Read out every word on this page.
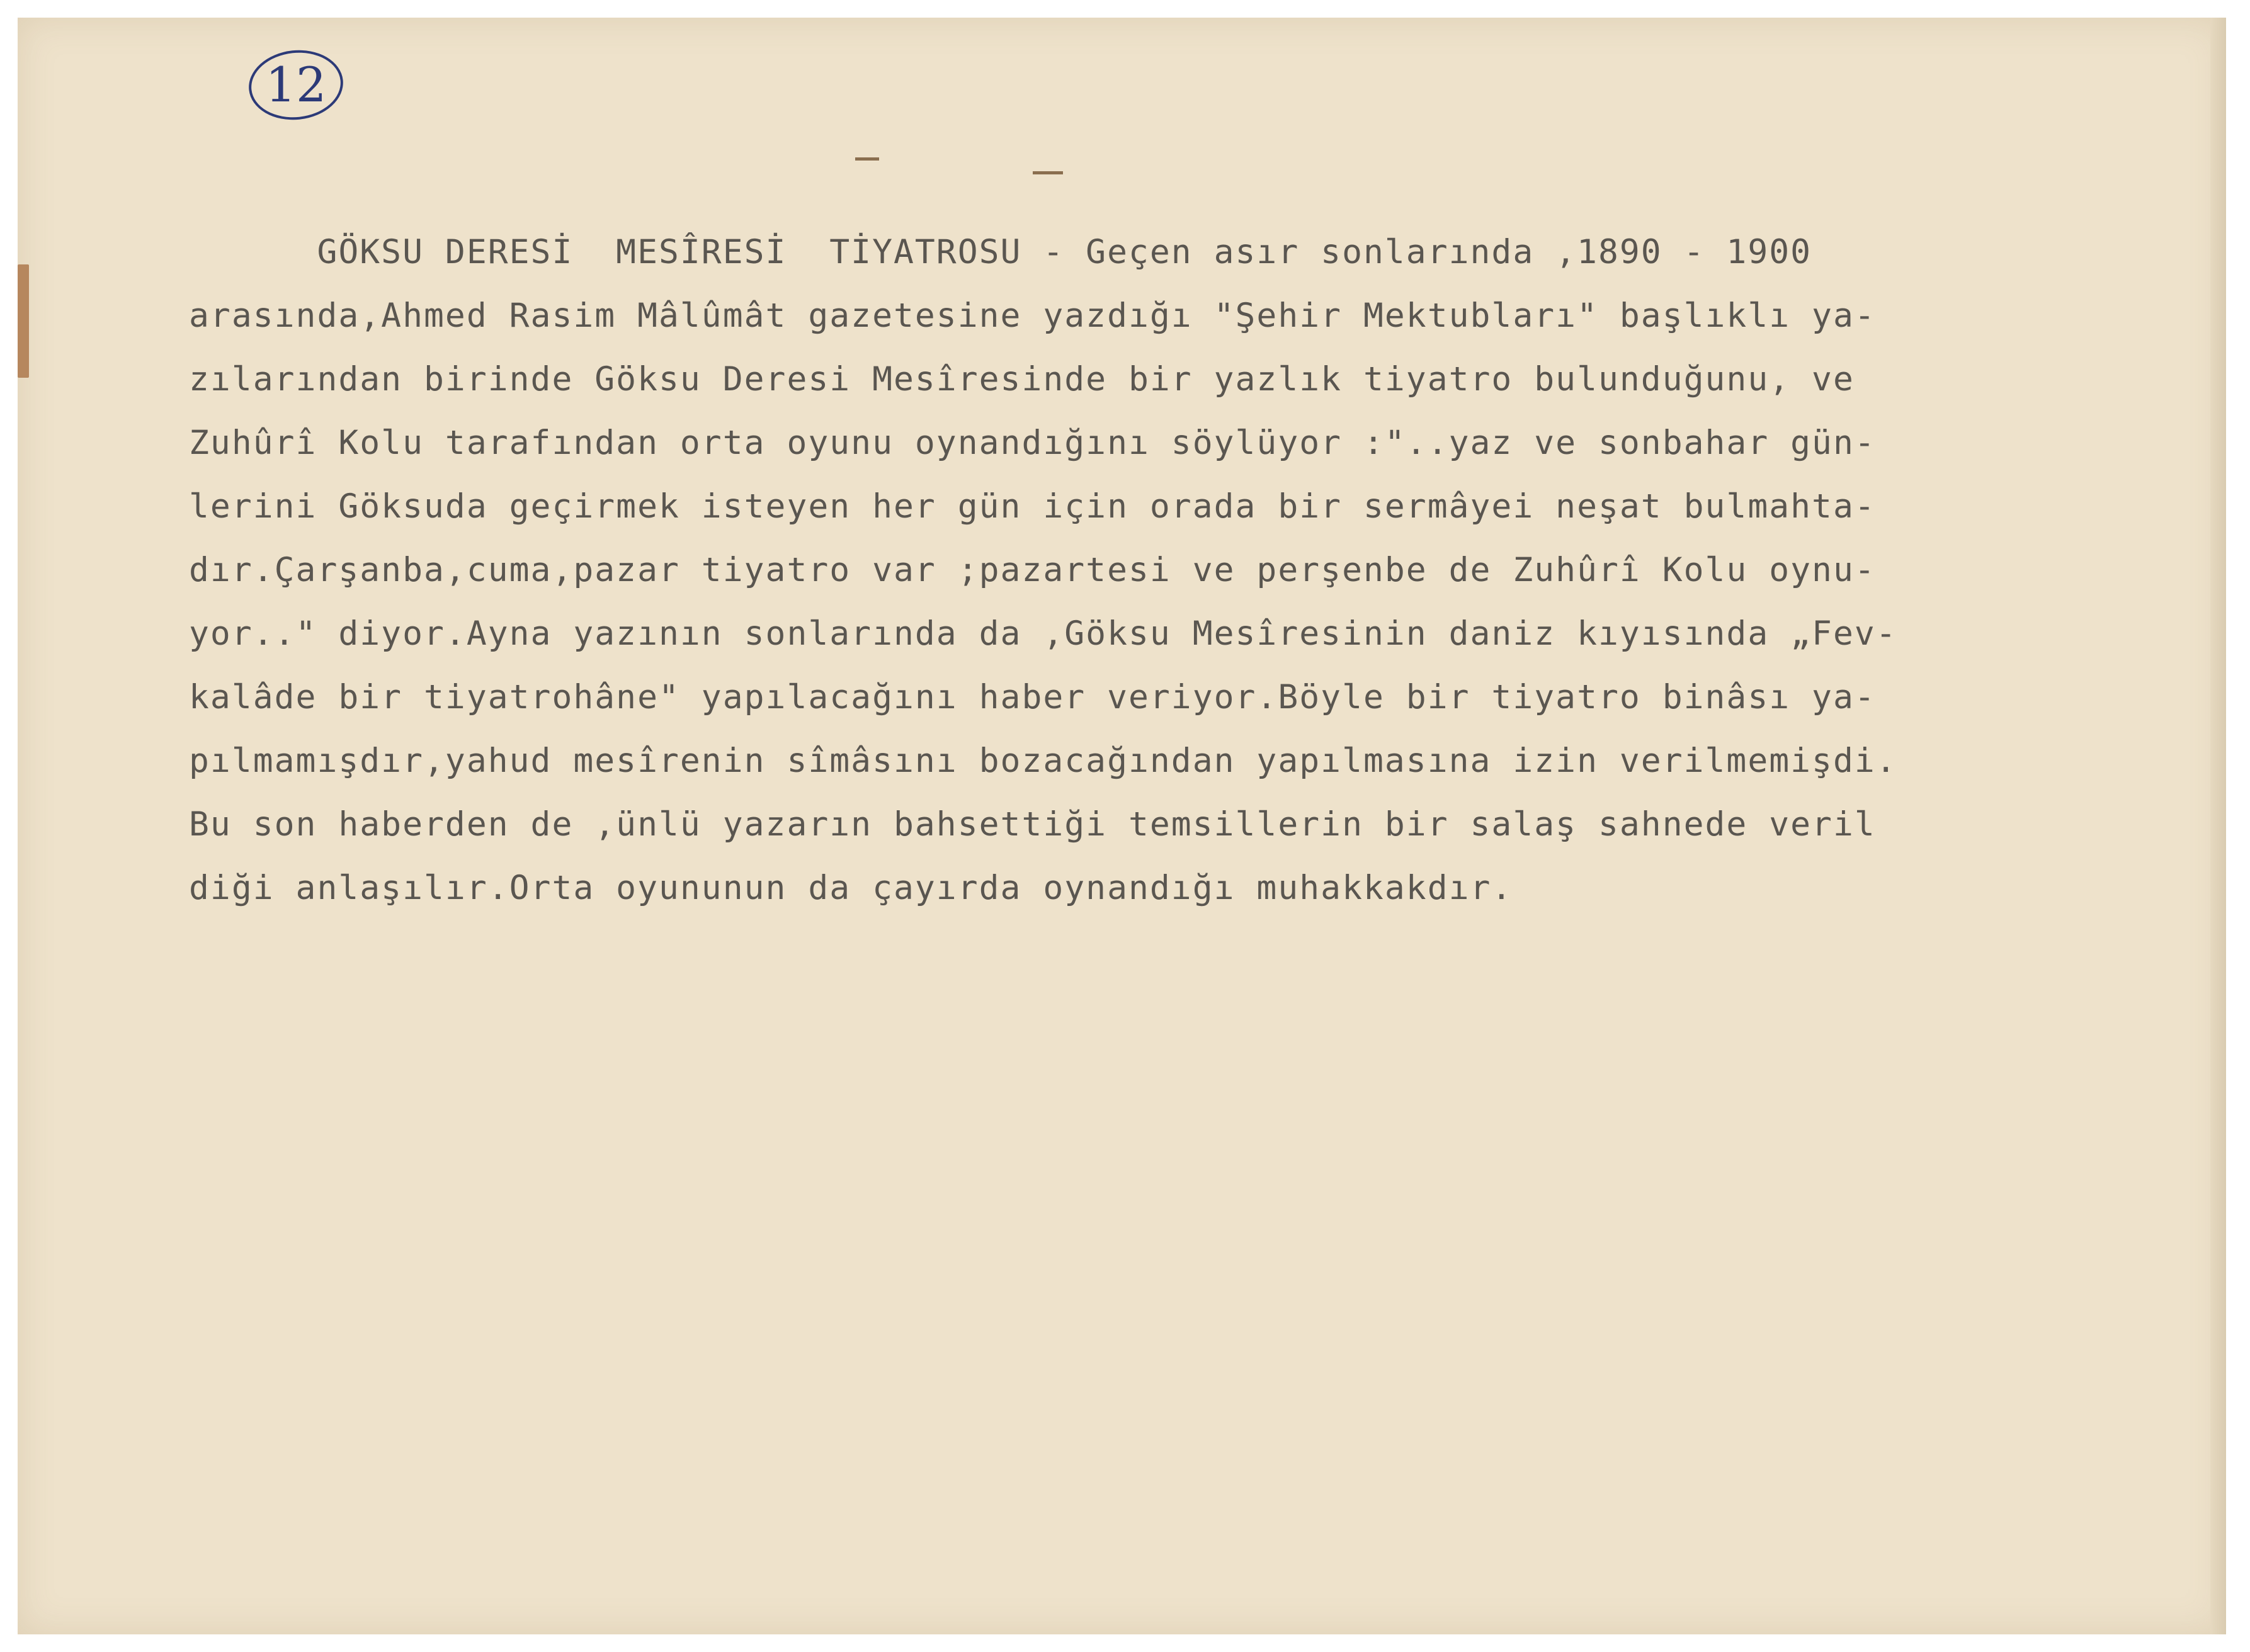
12
GÖKSU DERESİ  MESÎRESİ  TİYATROSU - Geçen asır sonlarında ,1890 - 1900
arasında,Ahmed Rasim Mâlûmât gazetesine yazdığı "Şehir Mektubları" başlıklı ya-
zılarından birinde Göksu Deresi Mesîresinde bir yazlık tiyatro bulunduğunu, ve
Zuhûrî Kolu tarafından orta oyunu oynandığını söylüyor :"..yaz ve sonbahar gün-
lerini Göksuda geçirmek isteyen her gün için orada bir sermâyei neşat bulmahta-
dır.Çarşanba,cuma,pazar tiyatro var ;pazartesi ve perşenbe de Zuhûrî Kolu oynu-
yor.." diyor.Ayna yazının sonlarında da ,Göksu Mesîresinin daniz kıyısında „Fev-
kalâde bir tiyatrohâne" yapılacağını haber veriyor.Böyle bir tiyatro binâsı ya-
pılmamışdır,yahud mesîrenin sîmâsını bozacağından yapılmasına izin verilmemişdi.
Bu son haberden de ,ünlü yazarın bahsettiği temsillerin bir salaş sahnede veril
diği anlaşılır.Orta oyununun da çayırda oynandığı muhakkakdır.
